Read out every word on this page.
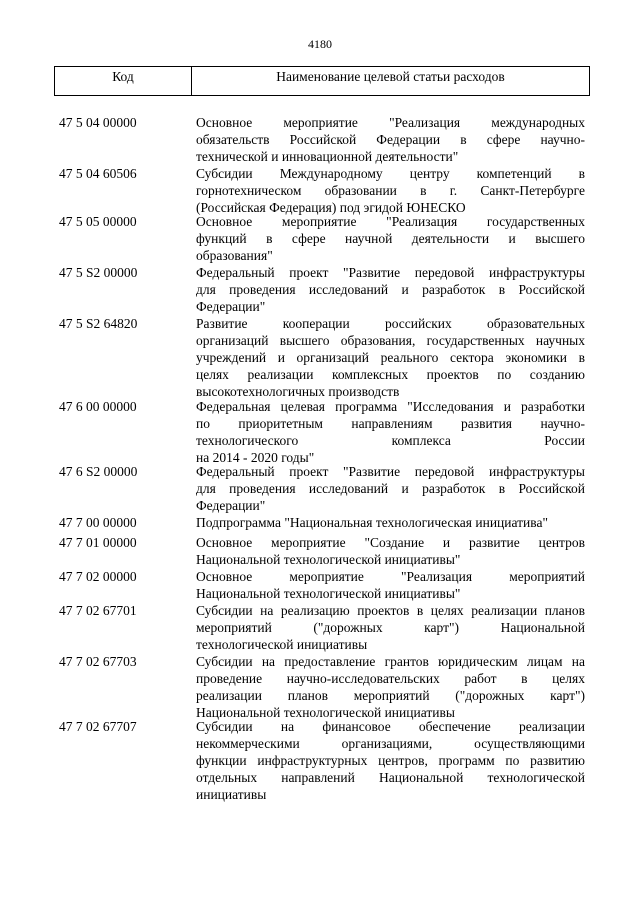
4180
Код	Наименование целевой статьи расходов
47 5 04 00000	Основное мероприятие "Реализация международных
обязательств Российской Федерации в сфере научно-
технической и инновационной деятельности"
47 5 04 60506	Субсидии Международному центру компетенций в
горнотехническом образовании в г. Санкт-Петербурге
(Российская Федерация) под эгидой ЮНЕСКО
47 5 05 00000	Основное мероприятие "Реализация государственных
функций в сфере научной деятельности и высшего
образования"
47 5 S2 00000	Федеральный проект "Развитие передовой инфраструктуры
для проведения исследований и разработок в Российской
Федерации"
47 5 S2 64820	Развитие кооперации российских образовательных
организаций высшего образования, государственных научных
учреждений и организаций реального сектора экономики в
целях реализации комплексных проектов по созданию
высокотехнологичных производств
47 6 00 00000	Федеральная целевая программа "Исследования и разработки
по приоритетным направлениям развития научно-
технологического комплекса России
на 2014 - 2020 годы"
47 6 S2 00000	Федеральный проект "Развитие передовой инфраструктуры
для проведения исследований и разработок в Российской
Федерации"
47 7 00 00000	Подпрограмма "Национальная технологическая инициатива"
47 7 01 00000	Основное мероприятие "Создание и развитие центров
Национальной технологической инициативы"
47 7 02 00000	Основное мероприятие "Реализация мероприятий
Национальной технологической инициативы"
47 7 02 67701	Субсидии на реализацию проектов в целях реализации планов
мероприятий ("дорожных карт") Национальной
технологической инициативы
47 7 02 67703	Субсидии на предоставление грантов юридическим лицам на
проведение научно-исследовательских работ в целях
реализации планов мероприятий ("дорожных карт")
Национальной технологической инициативы
47 7 02 67707	Субсидии на финансовое обеспечение реализации
некоммерческими организациями, осуществляющими
функции инфраструктурных центров, программ по развитию
отдельных направлений Национальной технологической
инициативы
